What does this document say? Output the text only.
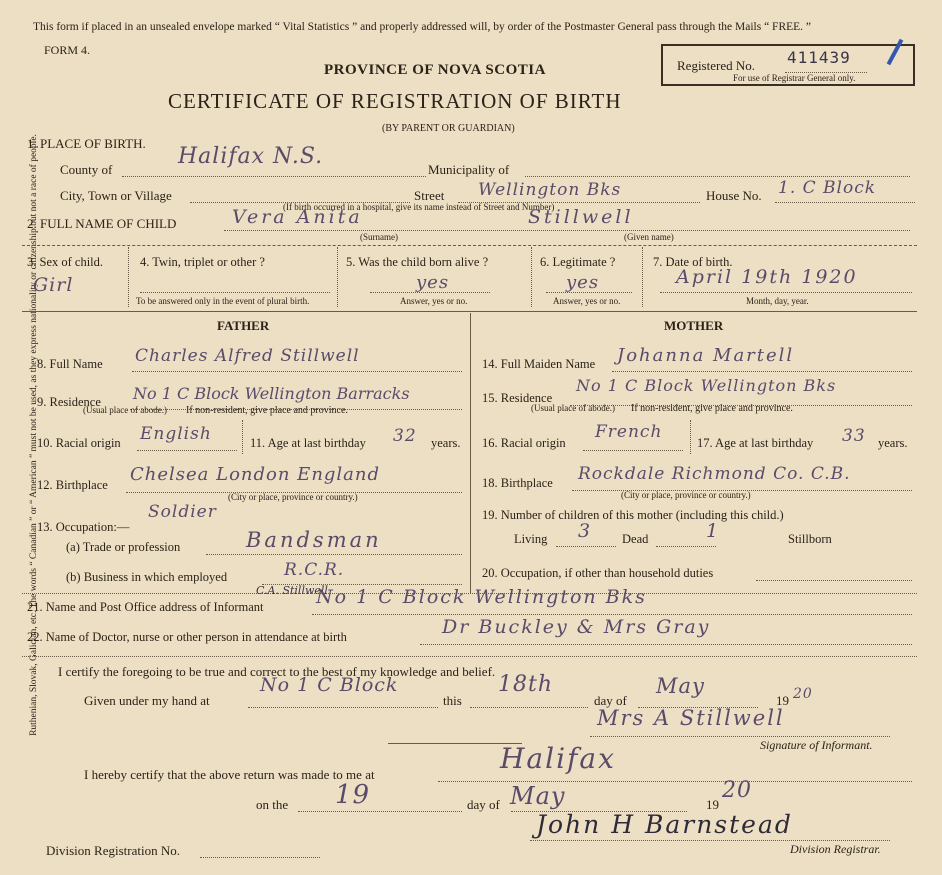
Ruthenian, Slovak, Galician, etc. The words “ Canadian ” or “ American ” must not be used, as they express nationality or citizenship but not a race of people.
This form if placed in an unsealed envelope marked “ Vital Statistics ” and properly addressed will, by order of the Postmaster General pass through the Mails “ FREE. ”
FORM 4.
PROVINCE OF NOVA SCOTIA
CERTIFICATE OF REGISTRATION OF BIRTH
(BY PARENT OR GUARDIAN)
Registered No. 411439
For use of Registrar General only.
1. PLACE OF BIRTH.
County of
Halifax N.S.
Municipality of
City, Town or Village	Street Wellington Bks	House No. 1. C Block
(If birth occurred in a hospital, give its name instead of Street and Number)
2. FULL NAME OF CHILD	Vera Anita	Stillwell
(Surname)	(Given name)
3. Sex of child.
Girl
4. Twin, triplet or other ?
To be answered only in the event of plural birth.
5. Was the child born alive ?
yes
Answer, yes or no.
6. Legitimate ?
yes
Answer, yes or no.
7. Date of birth.
April 19th 1920
Month, day, year.
FATHER
8. Full Name Charles Alfred Stillwell
9. Residence No 1 C Block Wellington Barracks
(Usual place of abode.) If non-resident, give place and province.
10. Racial origin English	11. Age at last birthday 32 years.
12. Birthplace Chelsea London England
(City or place, province or country.)
13. Occupation:—
Soldier
(a) Trade or profession	Bandsman
(b) Business in which employed	R.C.R.
MOTHER
14. Full Maiden Name Johanna Martell
15. Residence
No 1 C Block Wellington Bks
(Usual place of abode.) If non-resident, give place and province.
16. Racial origin
French
17. Age at last birthday 33 years.
18. Birthplace Rockdale Richmond Co. C.B.
(City or place, province or country.)
19. Number of children of this mother (including this child.)
Living 3 Dead	1	Stillborn
20. Occupation, if other than household duties
21. Name and Post Office address of Informant
C.A. Stillwell
No 1 C Block Wellington Bks
22. Name of Doctor, nurse or other person in attendance at birth	Dr Buckley & Mrs Gray
I certify the foregoing to be true and correct to the best of my knowledge and belief.
Given under my hand at
No 1 C Block
this
18th
day of
May
19 20
Mrs A Stillwell
Signature of Informant.
I hereby certify that the above return was made to me at	Halifax
on the 19	day of May	19
20
John H Barnstead
Division Registrar.
Division Registration No.
